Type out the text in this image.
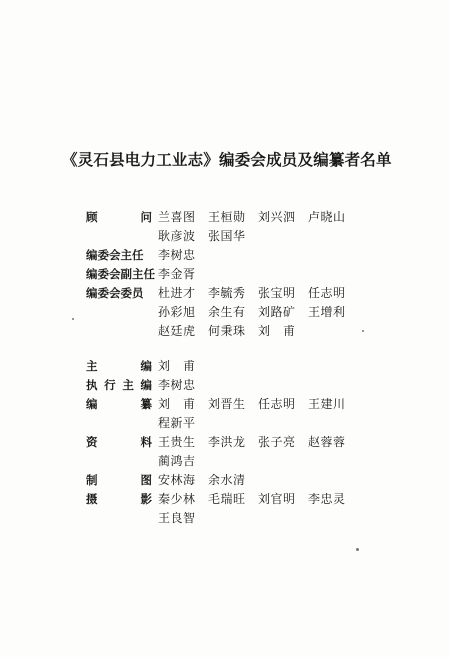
《灵石县电力工业志》编委会成员及编纂者名单
顾	问 兰喜图 王桓勋 刘兴泗 卢晓山
耿彦波 张国华
编委会主任	李树忠
编委会副主任 李金胥
编委会委员	杜进才 李毓秀 张宝明 任志明
孙彩旭 余生有 刘路矿 王增利
赵廷虎 何秉珠 刘　甫
主	编 刘　甫
执 行 主 编 李树忠
编	纂 刘　甫 刘晋生 任志明 王建川
程新平
资	料 王贵生 李洪龙 张子亮 赵蓉蓉
蔺鸿吉
制	图 安林海 余水清
摄	影 秦少林 毛瑞旺 刘官明 李忠灵
王良智
